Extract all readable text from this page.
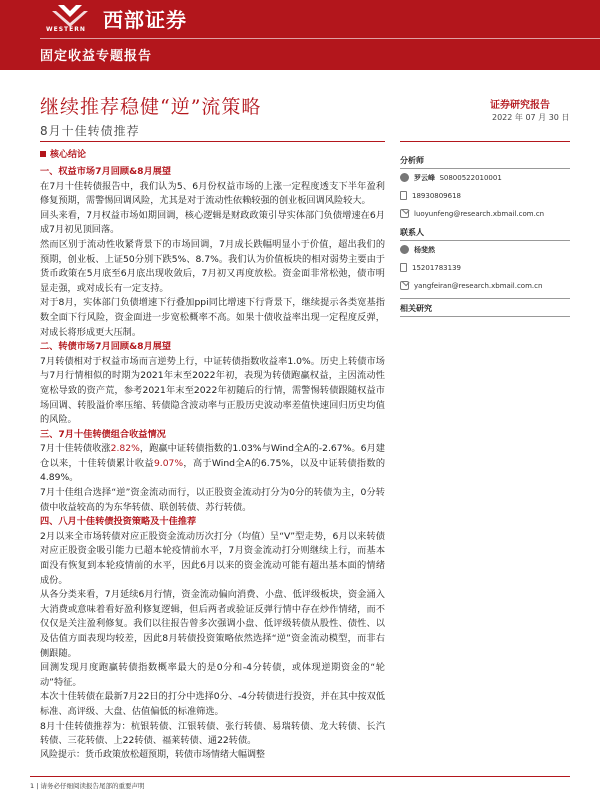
WESTERN 西部证券
固定收益专题报告
继续推荐稳健“逆”流策略
8月十佳转债推荐
证券研究报告
2022 年 07 月 30 日
核心结论

一、权益市场7月回顾&8月展望

在7月十佳转债报告中，我们认为5、6月份权益市场的上涨一定程度透支下半年盈利修复预期，需警惕回调风险，尤其是对于流动性依赖较强的创业板回调风险较大。

回头来看，7月权益市场如期回调，核心逻辑是财政政策引导实体部门负债增速在6月成7月初见顶回落。

然而区别于流动性收紧背景下的市场回调，7月成长跌幅明显小于价值，超出我们的预期，创业板、上证50分别下跌5%、8.7%。我们认为价值板块的相对弱势主要由于货币政策在5月底至6月底出现收敛后，7月初又再度放松。资金面非常松弛，债市明显走强，或对成长有一定支持。

对于8月，实体部门负债增速下行叠加ppi同比增速下行背景下，继续提示各类宽基指数全面下行风险，资金面进一步宽松概率不高。如果十债收益率出现一定程度反弹，对成长将形成更大压制。

二、转债市场7月回顾&8月展望

7月转债相对于权益市场而言逆势上行，中证转债指数收益率1.0%。历史上转债市场与7月行情相似的时期为2021年末至2022年初，表现为转债跑赢权益，主因流动性宽松导致的资产荒，参考2021年末至2022年初随后的行情，需警惕转债跟随权益市场回调、转股溢价率压缩、转债隐含波动率与正股历史波动率差值快速回归历史均值的风险。

三、7月十佳转债组合收益情况

7月十佳转债收涨2.82%，跑赢中证转债指数的1.03%与Wind全A的-2.67%。6月建仓以来，十佳转债累计收益9.07%，高于Wind全A的6.75%，以及中证转债指数的4.89%。

7月十佳组合选择“逆”资金流动而行，以正股资金流动打分为0分的转债为主，0分转债中收益较高的为东华转债、联创转债、苏行转债。

四、八月十佳转债投资策略及十佳推荐

2月以来全市场转债对应正股资金流动历次打分（均值）呈“V”型走势，6月以来转债对应正股资金吸引能力已超本轮疫情前水平，7月资金流动打分则继续上行，而基本面没有恢复到本轮疫情前的水平，因此6月以来的资金流动可能有超出基本面的情绪成份。

从各分类来看，7月延续6月行情，资金流动偏向消费、小盘、低评级板块，资金涌入大消费或意味着看好盈利修复逻辑，但后两者或验证反弹行情中存在炒作情绪，而不仅仅是关注盈利修复。我们以往报告曾多次强调小盘、低评级转债从股性、债性、以及估值方面表现均较差，因此8月转债投资策略依然选择“逆”资金流动模型，而非右侧跟随。

回测发现月度跑赢转债指数概率最大的是0分和-4分转债，或体现逆期资金的“轮动”特征。

本次十佳转债在最新7月22日的打分中选择0分、-4分转债进行投资，并在其中按双低标准、高评级、大盘、估值偏低的标准筛选。

8月十佳转债推荐为：杭银转债、江银转债、张行转债、易瑞转债、龙大转债、长汽转债、三花转债、上22转债、福莱转债、通22转债。

分析师
罗云峰 S0800522010001
18930809618
luoyunfeng@research.xbmail.com.cn
联系人
杨斐然
15201783139
yangfeiran@research.xbmail.com.cn
相关研究
风险提示：货币政策放松超预期，转债市场情绪大幅调整
1 | 请务必仔细阅读报告尾部的重要声明
